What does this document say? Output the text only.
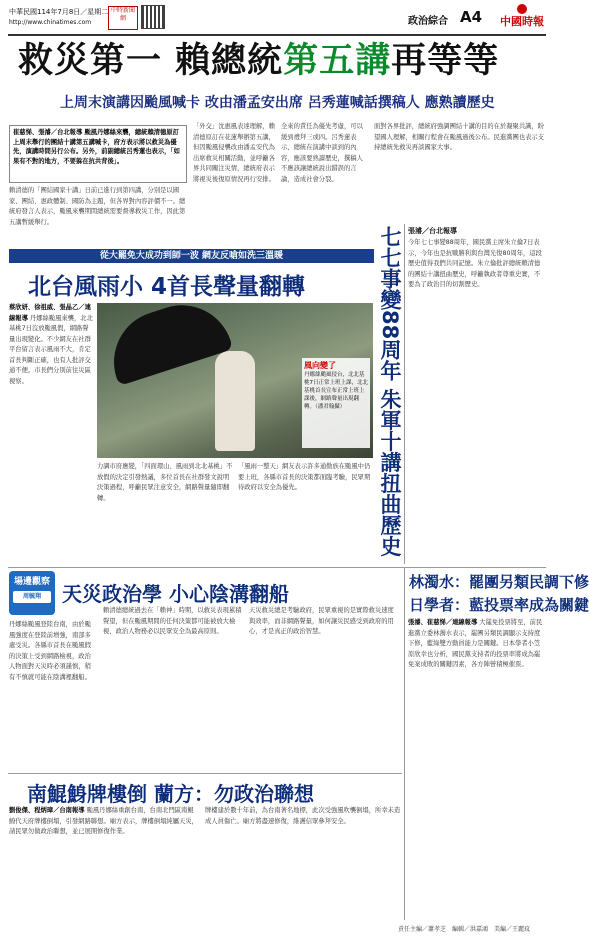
中華民國114年7月8日／星期二
http://www.chinatimes.com
中時新聞網	政治綜合 A4 中國時報
救災第一 賴總統第五講再等等
上周末演講因颱風喊卡 改由潘孟安出席 呂秀蓮喊話撰稿人 應熟讀歷史
崔慈悌、張濬／台北報導 颱風丹娜絲來襲，總統賴清德原訂上周末舉行的團結十講第五講喊卡，府方表示將以救災為優先，演講時間另行公布。另外，前副總統呂秀蓮也表示，「如果有不對的地方，不要躲在抗共背後」。
賴清德的「團結國家十講」日前已進行到第四講，分別是以國家、團結、憲政體制、國防為主題，但各界對內容評價不一。總統府發言人表示，颱風來襲期間總統需要督導救災工作，因此第五講暫緩舉行。
「外交」沈惠風表達理解，賴清德原訂在花蓮舉辦第五講，但因颱風侵襲改由潘孟安代為出席救災相關活動，並呼籲各界共同關注災情，總統府表示將視災後復原情況再行安排。
全來的責任為優先考慮，可以緩到禮拜三或四。呂秀蓮表示，總統在演講中談到的內容，應該要熟讀歷史，撰稿人不應該讓總統說出錯誤的言論，造成社會分裂。
面對各界批評，總統府強調團結十講的目的在於凝聚共識，盼望國人理解，相關行程會在颱風過後公布。民進黨團也表示支持總統先救災再談國家大事。
從大罷免大成功到師一波 網友反嗆如洗三溫暖
北台風雨小 4首長聲量翻轉
蔡欣妍、徐祖威、張晶乙／連線報導 丹娜絲颱風來襲，北北基桃7日沒放颱風假，網路聲量出現變化。不少網友在社群平台留言表示風雨不大，肯定首長判斷正確，也有人批評交通不便。市長們分別前往災區視察。
風向變了
丹娜絲颱風侵台，北北基桃7日正常上班上課，北北基桃首長宣布正常上班上課後，網路聲量出現翻轉。（潘君翰攝）
力調市府應變，「四面環山、風雨到北北基桃」不放假的決定引發熱議，多位首長在社群發文說明決策過程，呼籲民眾注意安全，網路聲量隨即翻轉。
「風雨一整天」網友表示許多通勤族在颱風中仍要上班，各縣市首長的決策都面臨考驗，民眾期待政府以安全為優先。	七七事變88周年 朱軍十講扭曲歷史 張濬／台北報導
今年七七事變88周年，國民黨主席朱立倫7日表示，今年也是抗戰勝利與台灣光復80周年，這段歷史值得我們共同記憶。朱立倫批評總統賴清德的團結十講扭曲歷史，呼籲執政者尊重史實，不要為了政治目的切割歷史。
場邊觀察
周毓翔	天災政治學 小心陰溝翻船
丹娜絲颱風登陸台南，由於颱風強度在登陸前增強，南部多處受災。各縣市首長在颱風假的決策上受到網路檢視，政治人物面對天災時必須謹慎，稍有不慎就可能在陰溝裡翻船。
賴清德總統過去在「賴神」時期，以救災表現累積聲望，但在颱風期間的任何決策都可能被放大檢視，政治人物務必以民眾安全為最高原則。
天災救災總是考驗政府，民眾重視的是實際救災速度與效率，而非網路聲量，如何讓災民感受到政府的用心，才是真正的政治智慧。
南鯤鯓牌樓倒 蘭方：勿政治聯想
劉俊傑、程炳璋／台南報導 颱風丹娜絲重創台南，台南北門區南鯤鯓代天府牌樓倒塌，引發網路聯想。廟方表示，牌樓倒塌純屬天災，請民眾勿做政治聯想，並已展開修復作業。
牌樓建於數十年前，為台南著名地標，此次受強風吹襲倒塌，所幸未造成人員傷亡。廟方將盡速修復，維護信眾參拜安全。
林濁水：罷團另類民調下修
日學者：藍投票率成為關鍵
張濬、崔慈悌／連線報導 大罷免投票將至，前民進黨立委林濁水表示，罷團另類民調顯示支持度下修，藍綠雙方動員能力是關鍵。日本學者小笠原欣幸也分析，國民黨支持者的投票率將成為罷免案成敗的關鍵因素，各方陣營積極催票。
責任主編／蕭孝芝　編輯／洪嘉鴻　美編／王麗玟
